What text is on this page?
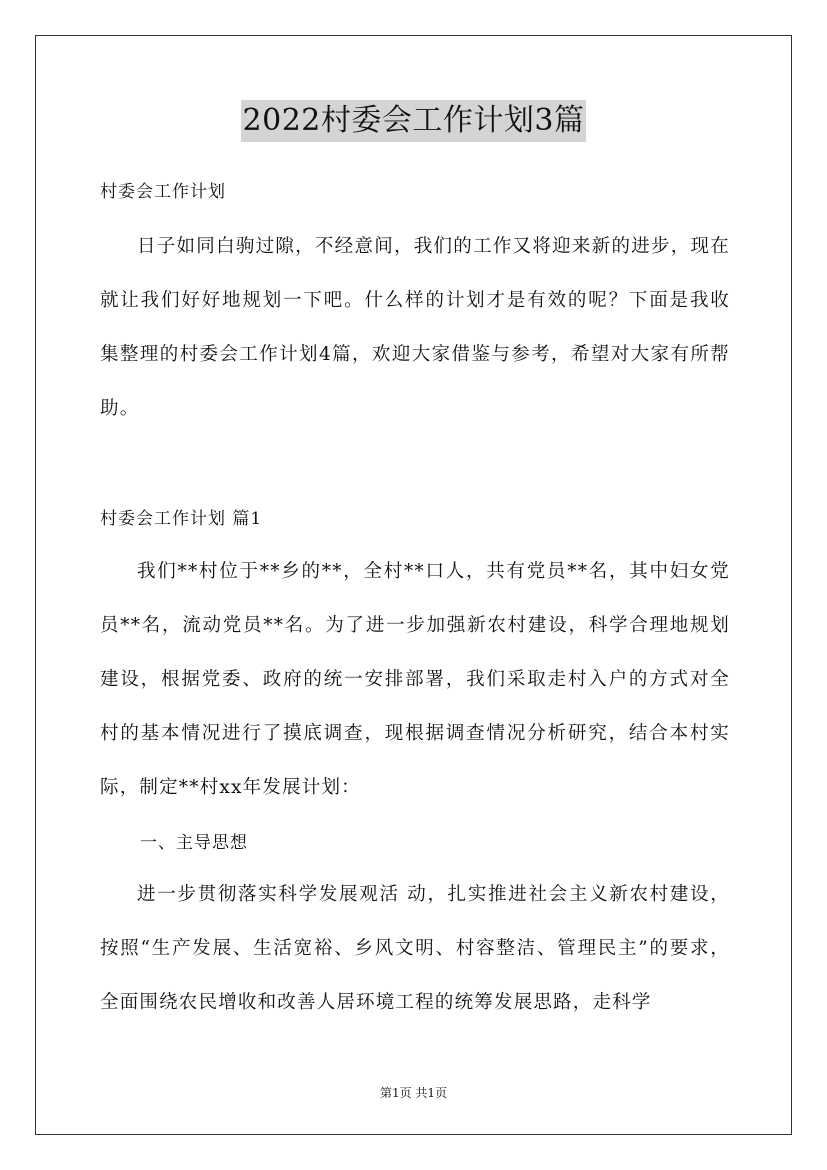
2022村委会工作计划3篇

村委会工作计划

日子如同白驹过隙，不经意间，我们的工作又将迎来新的进步，现在就让我们好好地规划一下吧。什么样的计划才是有效的呢？下面是我收集整理的村委会工作计划4篇，欢迎大家借鉴与参考，希望对大家有所帮助。

村委会工作计划 篇1

我们**村位于**乡的**，全村**口人，共有党员**名，其中妇女党员**名，流动党员**名。为了进一步加强新农村建设，科学合理地规划建设，根据党委、政府的统一安排部署，我们采取走村入户的方式对全村的基本情况进行了摸底调查，现根据调查情况分析研究，结合本村实际，制定**村xx年发展计划：

一、主导思想

进一步贯彻落实科学发展观活 动，扎实推进社会主义新农村建设，按照“生产发展、生活宽裕、乡风文明、村容整洁、管理民主”的要求，全面围绕农民增收和改善人居环境工程的统筹发展思路，走科学

第1页 共1页
